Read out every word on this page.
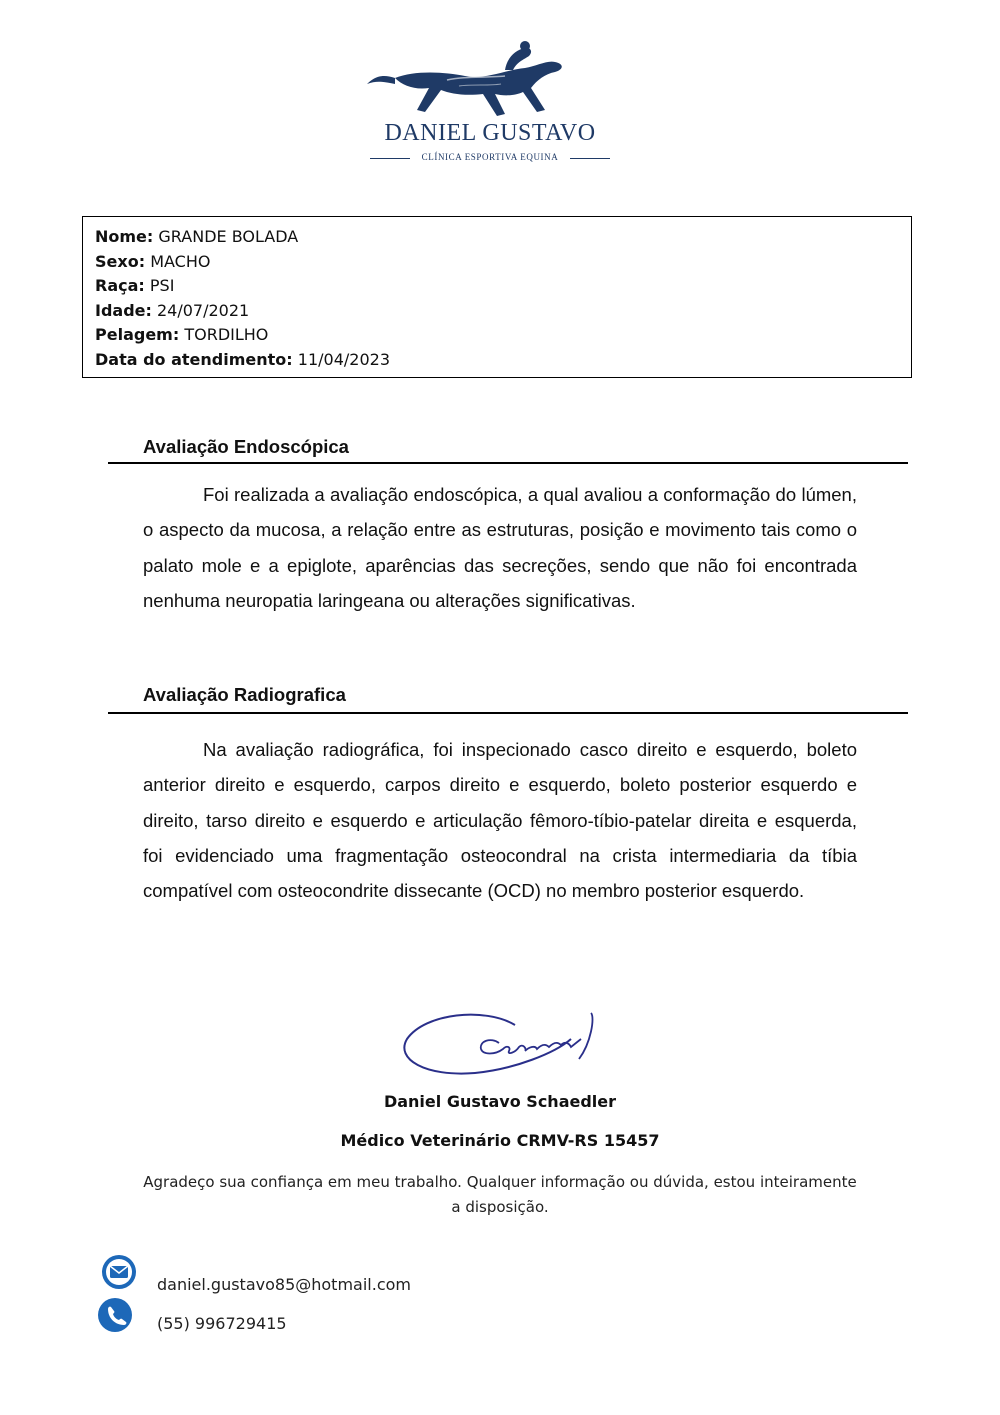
DANIEL GUSTAVO
CLÍNICA ESPORTIVA EQUINA
Nome: GRANDE BOLADA
Sexo: MACHO
Raça: PSI
Idade: 24/07/2021
Pelagem: TORDILHO
Data do atendimento: 11/04/2023
Avaliação Endoscópica

Foi realizada a avaliação endoscópica, a qual avaliou a conformação do lúmen, o aspecto da mucosa, a relação entre as estruturas, posição e movimento tais como o palato mole e a epiglote, aparências das secreções, sendo que não foi encontrada nenhuma neuropatia laringeana ou alterações significativas.

Avaliação Radiografica

Na avaliação radiográfica, foi inspecionado casco direito e esquerdo, boleto anterior direito e esquerdo, carpos direito e esquerdo, boleto posterior esquerdo e direito, tarso direito e esquerdo e articulação fêmoro-tíbio-patelar direita e esquerda, foi evidenciado uma fragmentação osteocondral na crista intermediaria da tíbia compatível com osteocondrite dissecante (OCD) no membro posterior esquerdo.

Daniel Gustavo Schaedler
Médico Veterinário CRMV-RS 15457
Agradeço sua confiança em meu trabalho. Qualquer informação ou dúvida, estou inteiramente a disposição.
daniel.gustavo85@hotmail.com
(55) 996729415
